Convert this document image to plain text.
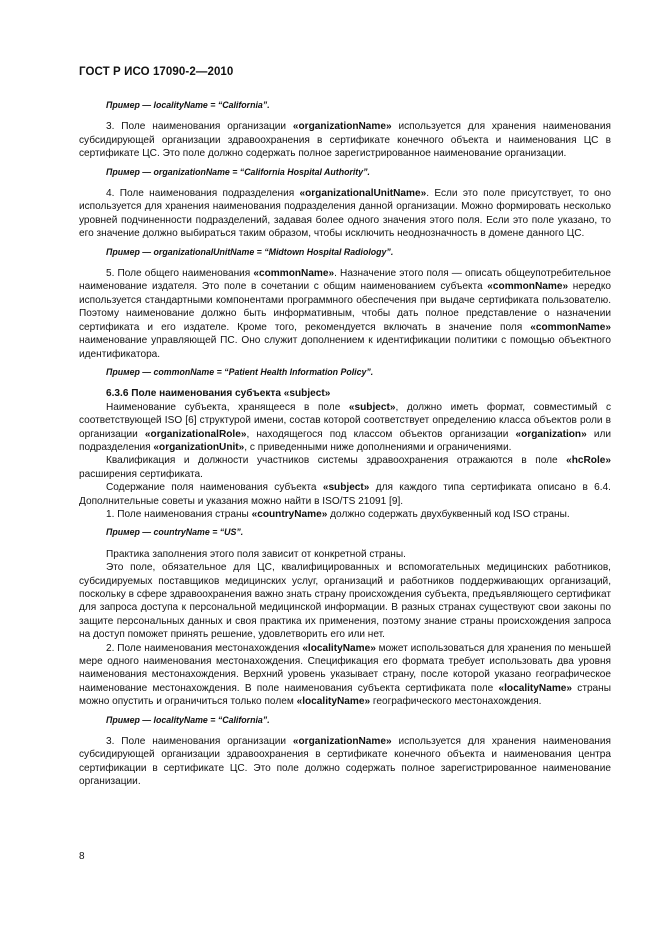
ГОСТ Р ИСО 17090-2—2010

Пример — localityName = “California”.

3. Поле наименования организации «organizationName» используется для хранения наименования субсидирующей организации здравоохранения в сертификате конечного объекта и наименования ЦС в сертификате ЦС. Это поле должно содержать полное зарегистрированное наименование организации.

Пример — organizationName = “California Hospital Authority”.

4. Поле наименования подразделения «organizationalUnitName». Если это поле присутствует, то оно используется для хранения наименования подразделения данной организации. Можно формировать несколько уровней подчиненности подразделений, задавая более одного значения этого поля. Если это поле указано, то его значение должно выбираться таким образом, чтобы исключить неоднозначность в домене данного ЦС.

Пример — organizationalUnitName = “Midtown Hospital Radiology”.

5. Поле общего наименования «commonName». Назначение этого поля — описать общеупотребительное наименование издателя. Это поле в сочетании с общим наименованием субъекта «commonName» нередко используется стандартными компонентами программного обеспечения при выдаче сертификата пользователю. Поэтому наименование должно быть информативным, чтобы дать полное представление о назначении сертификата и его издателе. Кроме того, рекомендуется включать в значение поля «commonName» наименование управляющей ПС. Оно служит дополнением к идентификации политики с помощью объектного идентификатора.

Пример — commonName = “Patient Health Information Policy”.

6.3.6 Поле наименования субъекта «subject»

Наименование субъекта, хранящееся в поле «subject», должно иметь формат, совместимый с соответствующей ISO [6] структурой имени, состав которой соответствует определению класса объектов роли в организации «organizationalRole», находящегося под классом объектов организации «organization» или подразделения «organizationUnit», с приведенными ниже дополнениями и ограничениями.

Квалификация и должности участников системы здравоохранения отражаются в поле «hcRole» расширения сертификата.

Содержание поля наименования субъекта «subject» для каждого типа сертификата описано в 6.4. Дополнительные советы и указания можно найти в ISO/TS 21091 [9].

1. Поле наименования страны «countryName» должно содержать двухбуквенный код ISO страны.

Пример — countryName = “US”.

Практика заполнения этого поля зависит от конкретной страны.

Это поле, обязательное для ЦС, квалифицированных и вспомогательных медицинских работников, субсидируемых поставщиков медицинских услуг, организаций и работников поддерживающих организаций, поскольку в сфере здравоохранения важно знать страну происхождения субъекта, предъявляющего сертификат для запроса доступа к персональной медицинской информации. В разных странах существуют свои законы по защите персональных данных и своя практика их применения, поэтому знание страны происхождения запроса на доступ поможет принять решение, удовлетворить его или нет.

2. Поле наименования местонахождения «localityName» может использоваться для хранения по меньшей мере одного наименования местонахождения. Спецификация его формата требует использовать два уровня наименования местонахождения. Верхний уровень указывает страну, после которой указано географическое наименование местонахождения. В поле наименования субъекта сертификата поле «localityName» страны можно опустить и ограничиться только полем «localityName» географического местонахождения.

Пример — localityName = “California”.

3. Поле наименования организации «organizationName» используется для хранения наименования субсидирующей организации здравоохранения в сертификате конечного объекта и наименования центра сертификации в сертификате ЦС. Это поле должно содержать полное зарегистрированное наименование организации.

8
